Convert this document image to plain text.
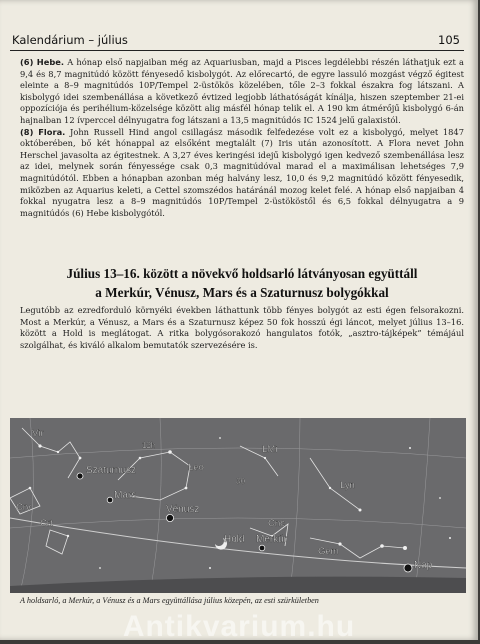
Kalendárium – július	105

(6) Hebe. A hónap első napjaiban még az Aquariusban, majd a Pisces legdélebbi részén láthatjuk ezt a 9,4 és 8,7 magnitúdó között fényesedő kisbolygót. Az előrecartó, de egyre lassuló mozgást végző égitest eleinte a 8–9 magnitúdós 10P/Tempel 2-üstökös közelében, tőle 2–3 fokkal északra fog látszani. A kisbolygó idei szembenállása a következő évtized legjobb láthatóságát kínálja, hiszen szeptember 21-ei oppozíciója és perihélium-közelsége között alig másfél hónap telik el. A 190 km átmérőjű kisbolygó 6-án hajnalban 12 ívperccel délnyugatra fog látszani a 13,5 magnitúdós IC 1524 jelű galaxistól.

(8) Flora. John Russell Hind angol csillagász második felfedezése volt ez a kisbolygó, melyet 1847 októberében, bő két hónappal az elsőként megtalált (7) Iris után azonosított. A Flora nevet John Herschel javasolta az égitestnek. A 3,27 éves keringési idejű kisbolygó igen kedvező szembenállása lesz az idei, melynek során fényessége csak 0,3 magnitúdóval marad el a maximálisan lehetséges 7,9 magnitúdótól. Ebben a hónapban azonban még halvány lesz, 10,0 és 9,2 magnitúdó között fényesedik, miközben az Aquarius keleti, a Cettel szomszédos határánál mozog kelet felé. A hónap első napjaiban 4 fokkal nyugatra lesz a 8–9 magnitúdós 10P/Tempel 2-üstököstől és 6,5 fokkal délnyugatra a 9 magnitúdós (6) Hebe kisbolygótól.

Július 13–16. között a növekvő holdsarló látványosan együttáll
a Merkúr, Vénusz, Mars és a Szaturnusz bolygókkal

Legutóbb az ezredforduló környéki években láthattunk több fényes bolygót az esti égen felsorakozni. Most a Merkúr, a Vénusz, a Mars és a Szaturnusz képez 50 fok hosszú égi láncot, melyet július 13–16. között a Hold is meglátogat. A ritka bolygósorakozó hangulatos fotók, „asztro-tájképek” témájául szolgálhat, és kiváló alkalom bemutatók szervezésére is.

Szaturnusz
Mars
Vénusz
Hold Merkúr
Nap
Vir
Leo
LMi
Lyn
Cnc
Gem
Crt
Crv
12h
30
A holdsarló, a Merkúr, a Vénusz és a Mars együttállása július közepén, az esti szürkületben
Antikvarium.hu
